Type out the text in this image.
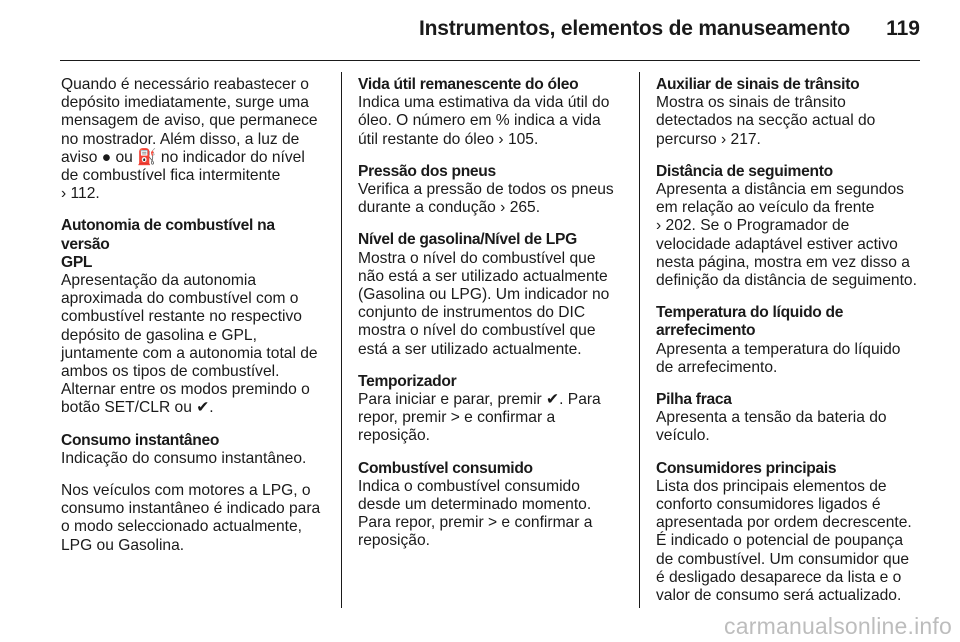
Instrumentos, elementos de manuseamento 119

Quando é necessário reabastecer o
depósito imediatamente, surge uma
mensagem de aviso, que permanece
no mostrador. Além disso, a luz de
aviso ● ou ⛽ no indicador do nível
de combustível fica intermitente
› 112.

Autonomia de combustível na versão
GPL

Apresentação da autonomia
aproximada do combustível com o
combustível restante no respectivo
depósito de gasolina e GPL,
juntamente com a autonomia total de
ambos os tipos de combustível.
Alternar entre os modos premindo o
botão SET/CLR ou ✔.

Consumo instantâneo

Indicação do consumo instantâneo.

Nos veículos com motores a LPG, o
consumo instantâneo é indicado para
o modo seleccionado actualmente,
LPG ou Gasolina.

Vida útil remanescente do óleo

Indica uma estimativa da vida útil do
óleo. O número em % indica a vida
útil restante do óleo › 105.

Pressão dos pneus

Verifica a pressão de todos os pneus
durante a condução › 265.

Nível de gasolina/Nível de LPG

Mostra o nível do combustível que
não está a ser utilizado actualmente
(Gasolina ou LPG). Um indicador no
conjunto de instrumentos do DIC
mostra o nível do combustível que
está a ser utilizado actualmente.

Temporizador

Para iniciar e parar, premir ✔. Para
repor, premir > e confirmar a
reposição.

Combustível consumido

Indica o combustível consumido
desde um determinado momento.
Para repor, premir > e confirmar a
reposição.

Auxiliar de sinais de trânsito

Mostra os sinais de trânsito
detectados na secção actual do
percurso › 217.

Distância de seguimento

Apresenta a distância em segundos
em relação ao veículo da frente
› 202. Se o Programador de
velocidade adaptável estiver activo
nesta página, mostra em vez disso a
definição da distância de seguimento.

Temperatura do líquido de
arrefecimento

Apresenta a temperatura do líquido
de arrefecimento.

Pilha fraca

Apresenta a tensão da bateria do
veículo.

Consumidores principais

Lista dos principais elementos de
conforto consumidores ligados é
apresentada por ordem decrescente.
É indicado o potencial de poupança
de combustível. Um consumidor que
é desligado desaparece da lista e o
valor de consumo será actualizado.

carmanualsonline.info
